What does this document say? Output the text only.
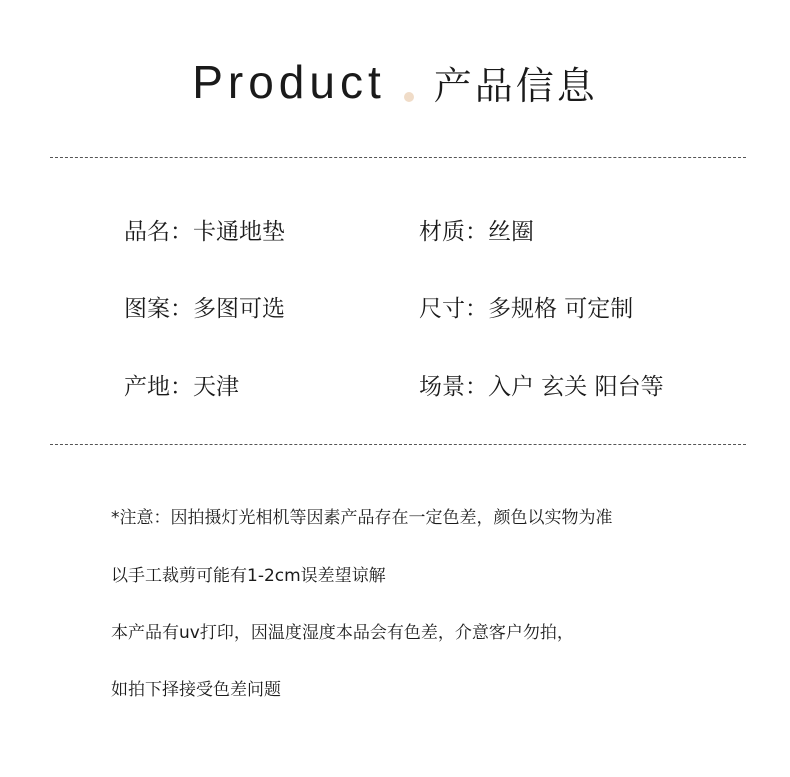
Product 产品信息
品名：卡通地垫	材质：丝圈
图案：多图可选	尺寸：多规格 可定制
产地：天津	场景：入户 玄关 阳台等
*注意：因拍摄灯光相机等因素产品存在一定色差，颜色以实物为准
以手工裁剪可能有1-2cm误差望谅解
本产品有uv打印，因温度湿度本品会有色差，介意客户勿拍，
如拍下择接受色差问题
